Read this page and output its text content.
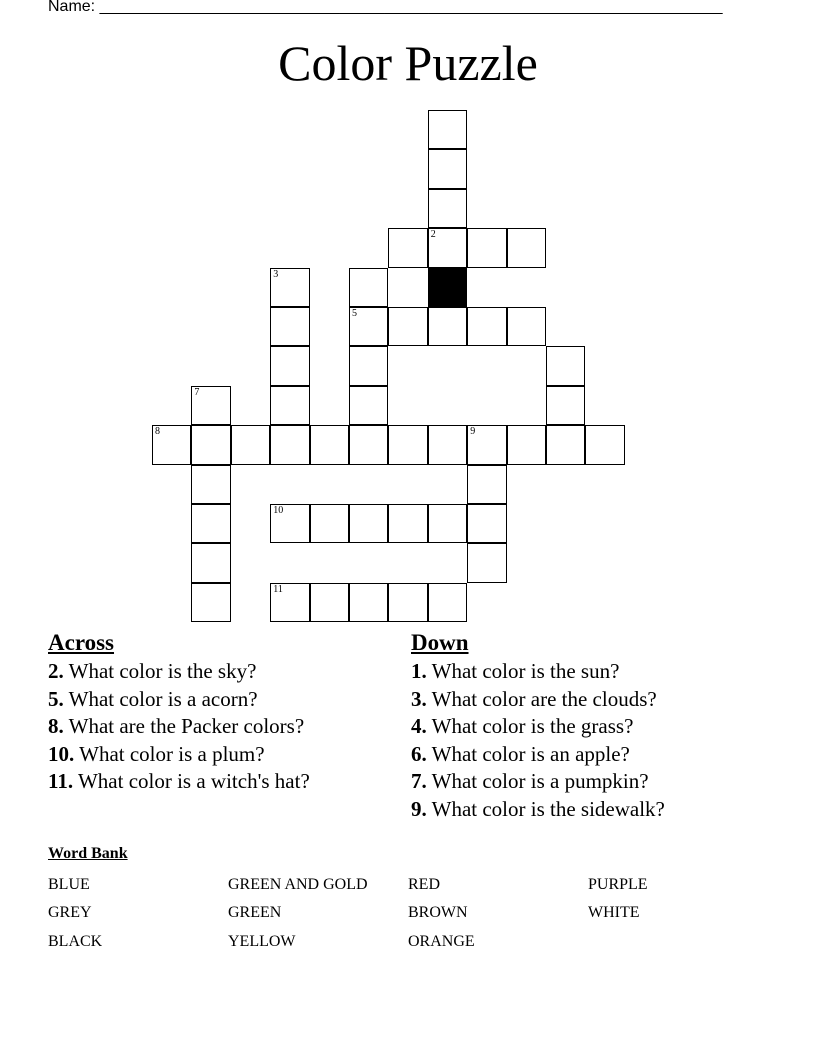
Name: ______________________________________________________________________
Color Puzzle
2
3
5
7
8	9
10
11
Across
2. What color is the sky?
5. What color is a acorn?
8. What are the Packer colors?
10. What color is a plum?
11. What color is a witch's hat?
Down
1. What color is the sun?
3. What color are the clouds?
4. What color is the grass?
6. What color is an apple?
7. What color is a pumpkin?
9. What color is the sidewalk?
Word Bank
BLUE	GREEN AND GOLD	RED	PURPLE
GREY	GREEN	BROWN	WHITE
BLACK	YELLOW	ORANGE
